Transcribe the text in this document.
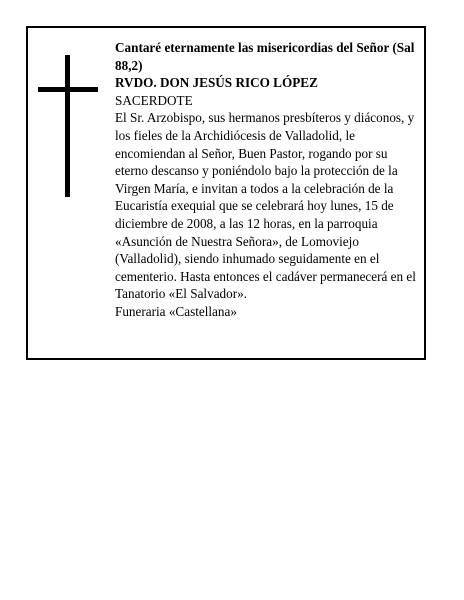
Cantaré eternamente las misericordias del Señor (Sal 88,2)

RVDO. DON JESÚS RICO LÓPEZ

SACERDOTE

El Sr. Arzobispo, sus hermanos presbíteros y diáconos, y los fieles de la Archidiócesis de Valladolid, le encomiendan al Señor, Buen Pastor, rogando por su eterno descanso y poniéndolo bajo la protección de la Virgen María, e invitan a todos a la celebración de la Eucaristía exequial que se celebrará hoy lunes, 15 de diciembre de 2008, a las 12 horas, en la parroquia «Asunción de Nuestra Señora», de Lomoviejo (Valladolid), siendo inhumado seguidamente en el cementerio. Hasta entonces el cadáver permanecerá en el Tanatorio «El Salvador».

Funeraria «Castellana»
